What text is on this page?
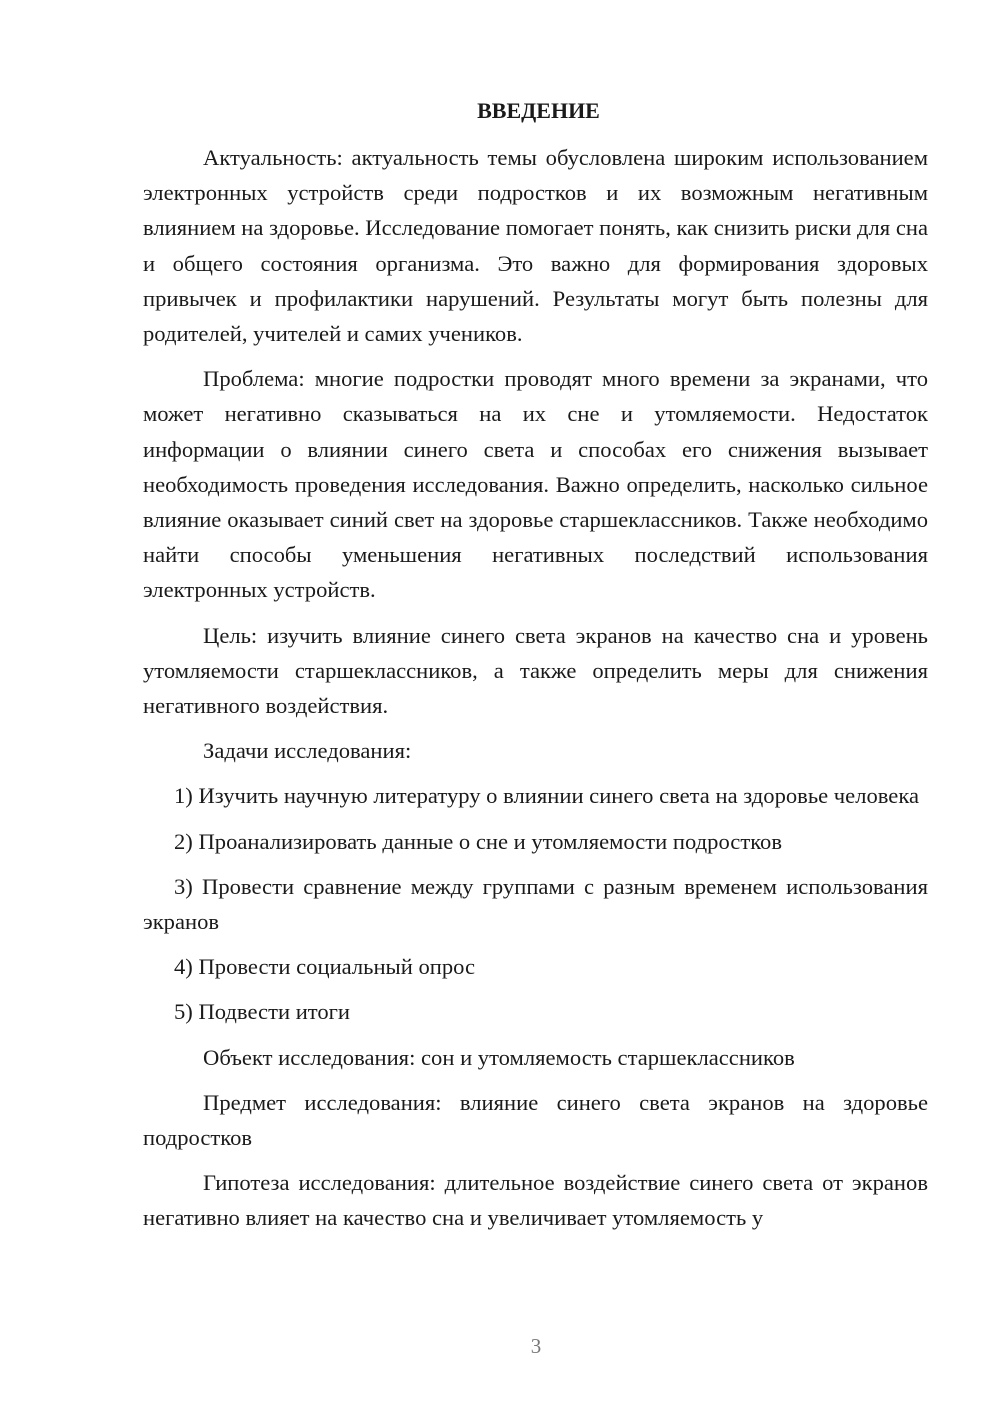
ВВЕДЕНИЕ

Актуальность: актуальность темы обусловлена широким использованием электронных устройств среди подростков и их возможным негативным влиянием на здоровье. Исследование помогает понять, как снизить риски для сна и общего состояния организма. Это важно для формирования здоровых привычек и профилактики нарушений. Результаты могут быть полезны для родителей, учителей и самих учеников.

Проблема: многие подростки проводят много времени за экранами, что может негативно сказываться на их сне и утомляемости. Недостаток информации о влиянии синего света и способах его снижения вызывает необходимость проведения исследования. Важно определить, насколько сильное влияние оказывает синий свет на здоровье старшеклассников. Также необходимо найти способы уменьшения негативных последствий использования электронных устройств.

Цель: изучить влияние синего света экранов на качество сна и уровень утомляемости старшеклассников, а также определить меры для снижения негативного воздействия.

Задачи исследования:

1) Изучить научную литературу о влиянии синего света на здоровье человека

2) Проанализировать данные о сне и утомляемости подростков

3) Провести сравнение между группами с разным временем использования экранов

4) Провести социальный опрос

5) Подвести итоги

Объект исследования: сон и утомляемость старшеклассников

Предмет исследования: влияние синего света экранов на здоровье подростков

Гипотеза исследования: длительное воздействие синего света от экранов негативно влияет на качество сна и увеличивает утомляемость у

3
